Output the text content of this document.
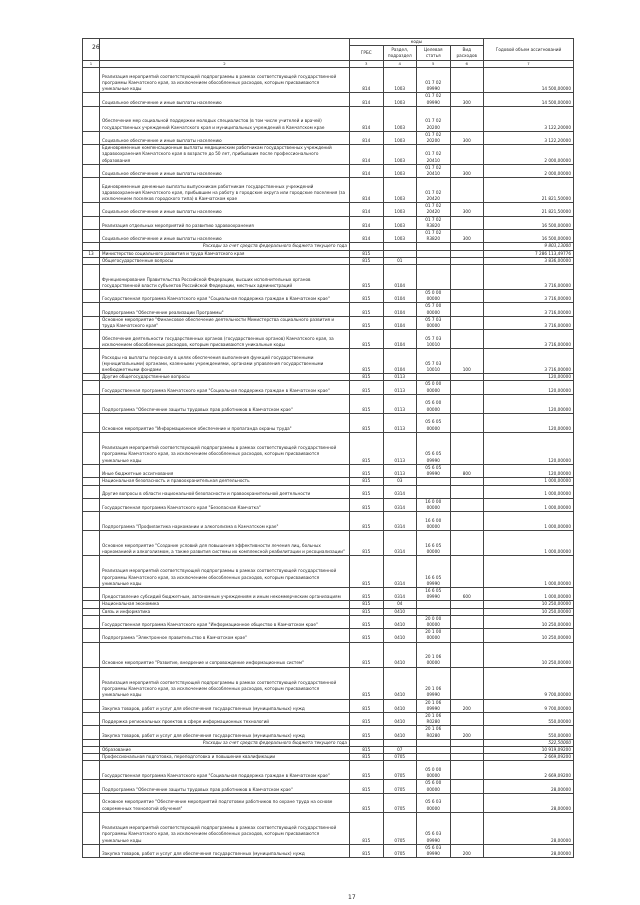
26
		коды				Годовой объем ассигнований
		ГРБС	Раздел, подраздел	Целевая статья	Вид расходов	
1	2	3	4	5	6	7
	Реализация мероприятий соответствующей подпрограммы в рамках соответствующей государственной программы Камчатского края, за исключением обособленных расходов, которым присваиваются уникальные коды	814	1003	01 7 02 09990		14 500,00000
	Социальное обеспечение и иные выплаты населению	814	1003	01 7 02 09990	300	14 500,00000
	Обеспечение мер социальной поддержки молодых специалистов (в том числе учителей и врачей) государственных учреждений Камчатского края и муниципальных учреждений в Камчатском крае	814	1003	01 7 02 20200		3 122,20000
	Социальное обеспечение и иные выплаты населению	814	1003	01 7 02 20200	300	3 122,20000
	Единовременные компенсационные выплаты медицинским работникам государственных учреждений здравоохранения Камчатского края в возрасте до 50 лет, прибывшим после профессионального образования	814	1003	01 7 02 20410		2 000,00000
	Социальное обеспечение и иные выплаты населению	814	1003	01 7 02 20410	300	2 000,00000
	Единовременные денежные выплаты выпускникам работникам государственных учреждений здравоохранения Камчатского края, прибывшим на работу в городские округа или городские поселения (за исключением поселков городского типа) в Камчатском крае	814	1003	01 7 02 20420		21 821,50000
	Социальное обеспечение и иные выплаты населению	814	1003	01 7 02 20420	300	21 821,50000
	Реализация отдельных мероприятий по развитию здравоохранения	814	1003	01 7 02 R3820		16 500,00000
	Социальное обеспечение и иные выплаты населению	814	1003	01 7 02 R3820	300	16 500,00000
	Расходы за счет средств федерального бюджета текущего года					9 803,13000
13	Министерство социального развития и труда Камчатского края	815				7 286 113,49776
	Общегосударственные вопросы	815	01			3 836,00000
	Функционирование Правительства Российской Федерации, высших исполнительных органов государственной власти субъектов Российской Федерации, местных администраций	815	0104			3 716,00000
	Государственная программа Камчатского края "Социальная поддержка граждан в Камчатском крае"	815	0104	05 0 00 00000		3 716,00000
	Подпрограмма "Обеспечение реализации Программы"	815	0104	05 7 00 00000		3 716,00000
	Основное мероприятие "Финансовое обеспечение деятельности Министерства социального развития и труда Камчатского края"	815	0104	05 7 03 00000		3 716,00000
	Обеспечение деятельности государственных органов (государственных органов) Камчатского края, за исключением обособленных расходов, которым присваиваются уникальные коды	815	0104	05 7 03 10010		3 716,00000
	Расходы на выплаты персоналу в целях обеспечения выполнения функций государственными (муниципальными) органами, казенными учреждениями, органами управления государственными внебюджетными фондами	815	0104	05 7 03 10010	100	3 716,00000
	Другие общегосударственные вопросы	815	0113			120,00000
	Государственная программа Камчатского края "Социальная поддержка граждан в Камчатском крае"	815	0113	05 0 00 00000		120,00000
	Подпрограмма "Обеспечение защиты трудовых прав работников в Камчатском крае"	815	0113	05 6 00 00000		120,00000
	Основное мероприятие "Информационное обеспечение и пропаганда охраны труда"	815	0113	05 6 05 00000		120,00000
	Реализация мероприятий соответствующей подпрограммы в рамках соответствующей государственной программы Камчатского края, за исключением обособленных расходов, которым присваиваются уникальные коды	815	0113	05 6 05 09990		120,00000
	Иные бюджетные ассигнования	815	0113	05 6 05 09990	800	120,00000
	Национальная безопасность и правоохранительная деятельность	815	03			1 000,00000
	Другие вопросы в области национальной безопасности и правоохранительной деятельности	815	0314			1 000,00000
	Государственная программа Камчатского края "Безопасная Камчатка"	815	0314	16 0 00 00000		1 000,00000
	Подпрограмма "Профилактика наркомании и алкоголизма в Камчатском крае"	815	0314	16 6 00 00000		1 000,00000
	Основное мероприятие "Создание условий для повышения эффективности лечения лиц, больных наркоманией и алкоголизмом, а также развития системы их комплексной реабилитации и ресоциализации"	815	0314	16 6 05 00000		1 000,00000
	Реализация мероприятий соответствующей подпрограммы в рамках соответствующей государственной программы Камчатского края, за исключением обособленных расходов, которым присваиваются уникальные коды	815	0314	16 6 05 09990		1 000,00000
	Предоставление субсидий бюджетным, автономным учреждениям и иным некоммерческим организациям	815	0314	16 6 05 09990	600	1 000,00000
	Национальная экономика	815	04			10 250,00000
	Связь и информатика	815	0410			10 250,00000
	Государственная программа Камчатского края "Информационное общество в Камчатском крае"	815	0410	20 0 00 00000		10 250,00000
	Подпрограмма "Электронное правительство в Камчатском крае"	815	0410	20 1 00 00000		10 250,00000
	Основное мероприятие "Развитие, внедрение и сопровождение информационных систем"	815	0410	20 1 06 00000		10 250,00000
	Реализация мероприятий соответствующей подпрограммы в рамках соответствующей государственной программы Камчатского края, за исключением обособленных расходов, которым присваиваются уникальные коды	815	0410	20 1 06 09990		9 700,00000
	Закупка товаров, работ и услуг для обеспечения государственных (муниципальных) нужд	815	0410	20 1 06 09990	200	9 700,00000
	Поддержка региональных проектов в сфере информационных технологий	815	0410	20 1 06 R0280		550,00000
	Закупка товаров, работ и услуг для обеспечения государственных (муниципальных) нужд	815	0410	20 1 06 R0280	200	550,00000
	Расходы за счет средств федерального бюджета текущего года					522,50000
	Образование	815	07			10 919,09200
	Профессиональная подготовка, переподготовка и повышение квалификации	815	0705			2 669,09200
	Государственная программа Камчатского края "Социальная поддержка граждан в Камчатском крае"	815	0705	05 0 00 00000		2 669,09200
	Подпрограмма "Обеспечение защиты трудовых прав работников в Камчатском крае"	815	0705	05 6 00 00000		28,00000
	Основное мероприятие "Обеспечение мероприятий подготовки работников по охране труда на основе современных технологий обучения"	815	0705	05 6 03 00000		28,00000
	Реализация мероприятий соответствующей подпрограммы в рамках соответствующей государственной программы Камчатского края, за исключением обособленных расходов, которым присваиваются уникальные коды	815	0705	05 6 03 09990		28,00000
	Закупка товаров, работ и услуг для обеспечения государственных (муниципальных) нужд	815	0705	05 6 03 09990	200	28,00000
17
